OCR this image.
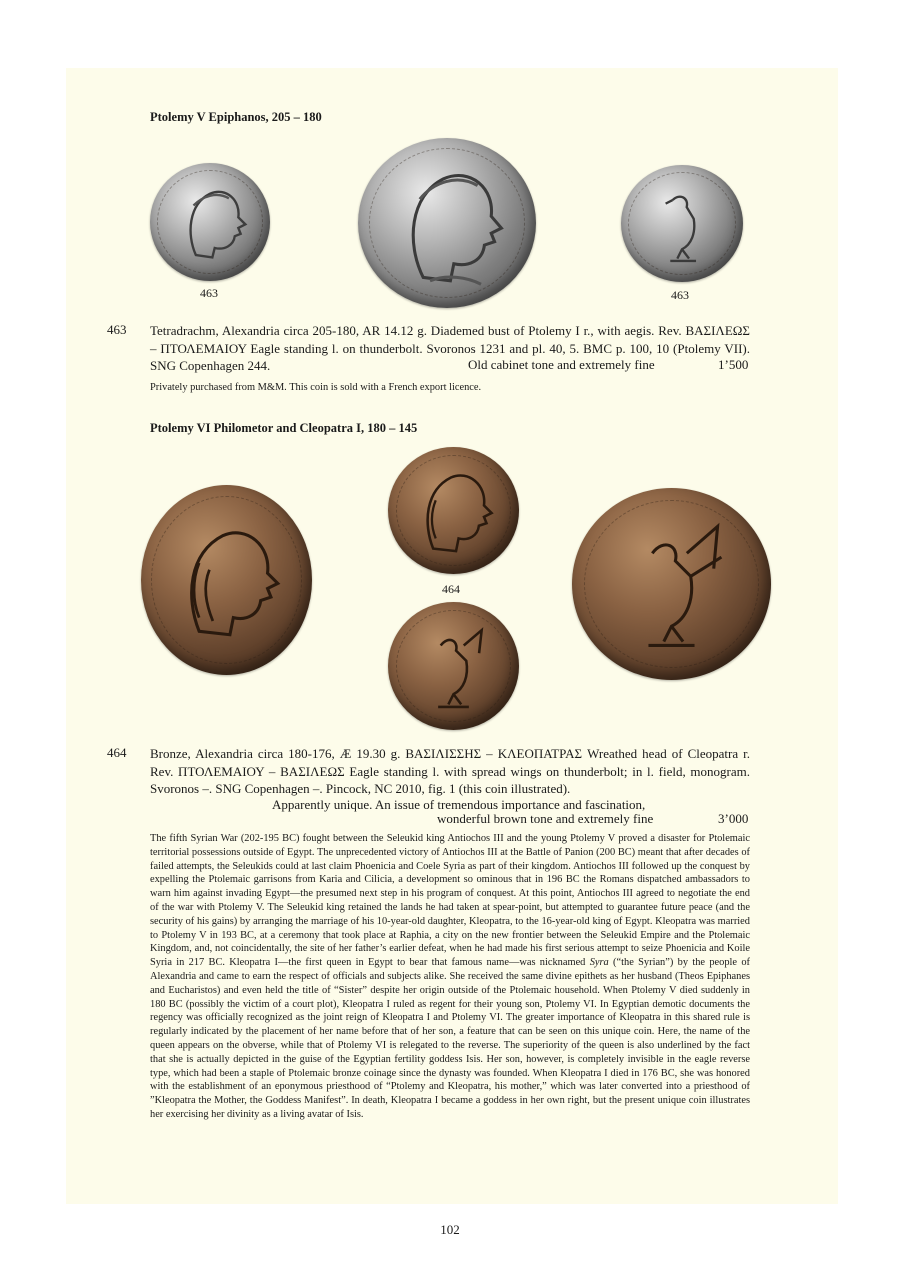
Ptolemy V Epiphanos, 205 – 180
463	463
463 Tetradrachm, Alexandria circa 205-180, AR 14.12 g. Diademed bust of Ptolemy I r., with aegis. Rev. ΒΑΣΙΛΕΩΣ – ΠΤΟΛΕΜΑΙΟΥ Eagle standing l. on thunderbolt. Svoronos 1231 and pl. 40, 5. BMC p. 100, 10 (Ptolemy VII). SNG Copenhagen 244.	Old cabinet tone and extremely fine	1’500
Privately purchased from M&M. This coin is sold with a French export licence.
Ptolemy VI Philometor and Cleopatra I, 180 – 145
464
464 Bronze, Alexandria circa 180-176, Æ 19.30 g. ΒΑΣΙΛΙΣΣΗΣ – ΚΛΕΟΠΑΤΡΑΣ Wreathed head of Cleopatra r. Rev. ΠΤΟΛΕΜΑΙΟΥ – ΒΑΣΙΛΕΩΣ Eagle standing l. with spread wings on thunderbolt; in l. field, monogram. Svoronos –. SNG Copenhagen –. Pincock, NC 2010, fig. 1 (this coin illustrated).
Apparently unique. An issue of tremendous importance and fascination,
wonderful brown tone and extremely fine	3’000
The fifth Syrian War (202-195 BC) fought between the Seleukid king Antiochos III and the young Ptolemy V proved a disaster for Ptolemaic territorial possessions outside of Egypt. The unprecedented victory of Antiochos III at the Battle of Panion (200 BC) meant that after decades of failed attempts, the Seleukids could at last claim Phoenicia and Coele Syria as part of their kingdom. Antiochos III followed up the conquest by expelling the Ptolemaic garrisons from Karia and Cilicia, a development so ominous that in 196 BC the Romans dispatched ambassadors to warn him against invading Egypt—the presumed next step in his program of conquest. At this point, Antiochos III agreed to negotiate the end of the war with Ptolemy V. The Seleukid king retained the lands he had taken at spear-point, but attempted to guarantee future peace (and the security of his gains) by arranging the marriage of his 10-year-old daughter, Kleopatra, to the 16-year-old king of Egypt. Kleopatra was married to Ptolemy V in 193 BC, at a ceremony that took place at Raphia, a city on the new frontier between the Seleukid Empire and the Ptolemaic Kingdom, and, not coincidentally, the site of her father’s earlier defeat, when he had made his first serious attempt to seize Phoenicia and Koile Syria in 217 BC. Kleopatra I—the first queen in Egypt to bear that famous name—was nicknamed Syra (“the Syrian”) by the people of Alexandria and came to earn the respect of officials and subjects alike. She received the same divine epithets as her husband (Theos Epiphanes and Eucharistos) and even held the title of “Sister” despite her origin outside of the Ptolemaic household. When Ptolemy V died suddenly in 180 BC (possibly the victim of a court plot), Kleopatra I ruled as regent for their young son, Ptolemy VI. In Egyptian demotic documents the regency was officially recognized as the joint reign of Kleopatra I and Ptolemy VI. The greater importance of Kleopatra in this shared rule is regularly indicated by the placement of her name before that of her son, a feature that can be seen on this unique coin. Here, the name of the queen appears on the obverse, while that of Ptolemy VI is relegated to the reverse. The superiority of the queen is also underlined by the fact that she is actually depicted in the guise of the Egyptian fertility goddess Isis. Her son, however, is completely invisible in the eagle reverse type, which had been a staple of Ptolemaic bronze coinage since the dynasty was founded. When Kleopatra I died in 176 BC, she was honored with the establishment of an eponymous priesthood of “Ptolemy and Kleopatra, his mother,” which was later converted into a priesthood of ”Kleopatra the Mother, the Goddess Manifest”. In death, Kleopatra I became a goddess in her own right, but the present unique coin illustrates her exercising her divinity as a living avatar of Isis.
102
